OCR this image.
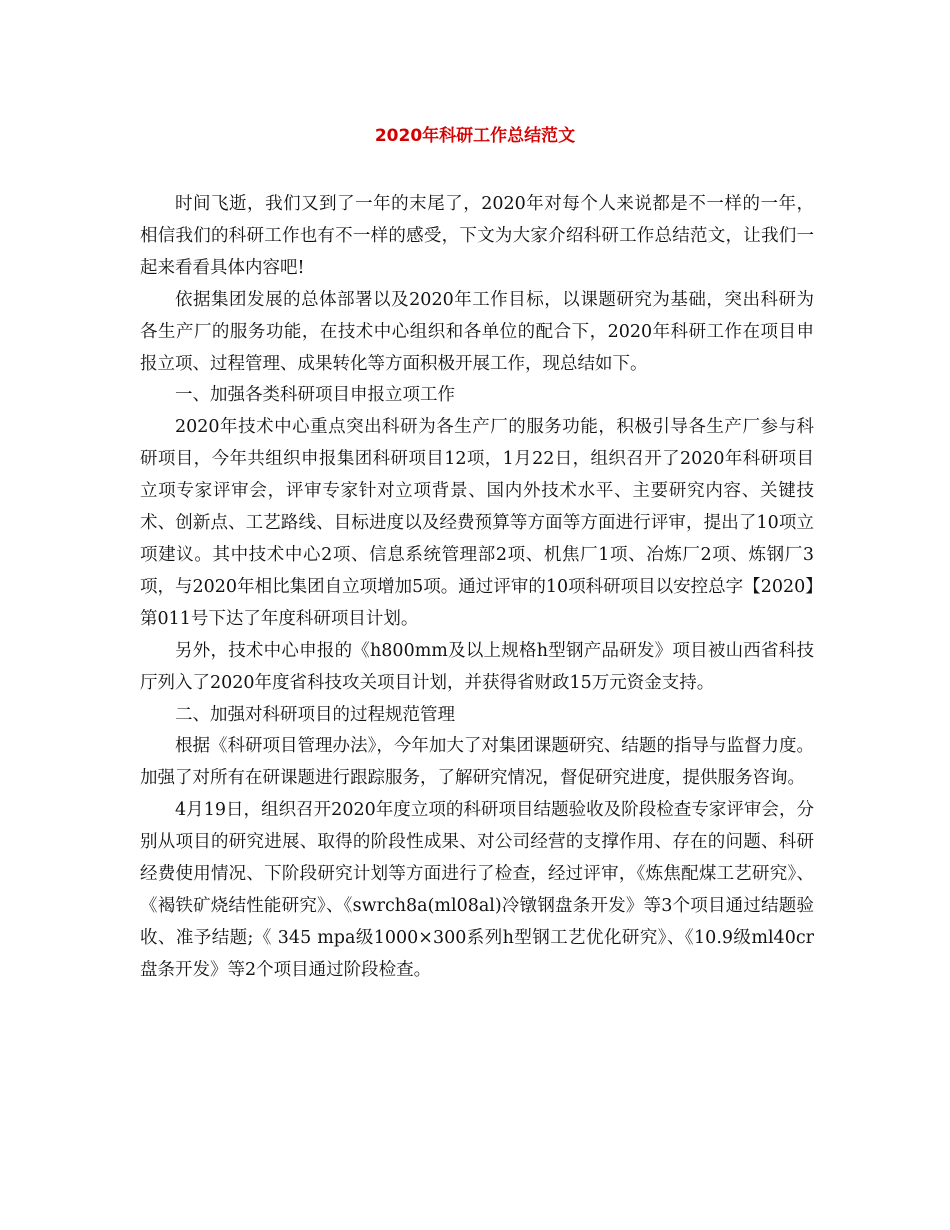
2020年科研工作总结范文

时间飞逝，我们又到了一年的末尾了，2020年对每个人来说都是不一样的一年，相信我们的科研工作也有不一样的感受，下文为大家介绍科研工作总结范文，让我们一起来看看具体内容吧!

依据集团发展的总体部署以及2020年工作目标，以课题研究为基础，突出科研为各生产厂的服务功能，在技术中心组织和各单位的配合下，2020年科研工作在项目申报立项、过程管理、成果转化等方面积极开展工作，现总结如下。

一、加强各类科研项目申报立项工作

2020年技术中心重点突出科研为各生产厂的服务功能，积极引导各生产厂参与科研项目，今年共组织申报集团科研项目12项，1月22日，组织召开了2020年科研项目立项专家评审会，评审专家针对立项背景、国内外技术水平、主要研究内容、关键技术、创新点、工艺路线、目标进度以及经费预算等方面等方面进行评审，提出了10项立项建议。其中技术中心2项、信息系统管理部2项、机焦厂1项、冶炼厂2项、炼钢厂3项，与2020年相比集团自立项增加5项。通过评审的10项科研项目以安控总字【2020】第011号下达了年度科研项目计划。

另外，技术中心申报的《h800mm及以上规格h型钢产品研发》项目被山西省科技厅列入了2020年度省科技攻关项目计划，并获得省财政15万元资金支持。

二、加强对科研项目的过程规范管理

根据《科研项目管理办法》，今年加大了对集团课题研究、结题的指导与监督力度。加强了对所有在研课题进行跟踪服务，了解研究情况，督促研究进度，提供服务咨询。

4月19日，组织召开2020年度立项的科研项目结题验收及阶段检查专家评审会，分别从项目的研究进展、取得的阶段性成果、对公司经营的支撑作用、存在的问题、科研经费使用情况、下阶段研究计划等方面进行了检查，经过评审，《炼焦配煤工艺研究》、《褐铁矿烧结性能研究》、《swrch8a(ml08al)冷镦钢盘条开发》等3个项目通过结题验收、准予结题;《 345 mpa级1000×300系列h型钢工艺优化研究》、《10.9级ml40cr盘条开发》等2个项目通过阶段检查。
